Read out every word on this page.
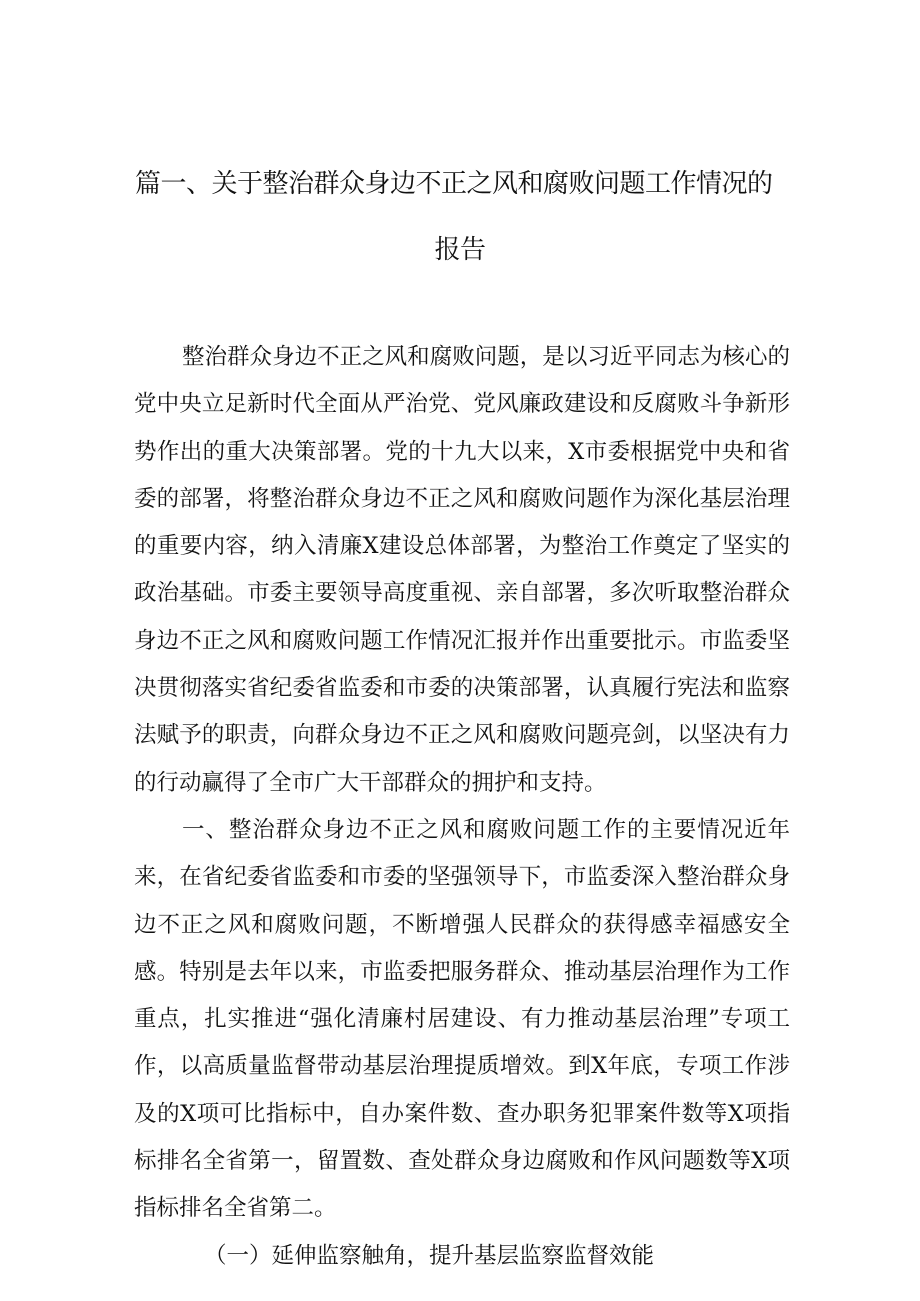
篇一、关于整治群众身边不正之风和腐败问题工作情况的
报告

整治群众身边不正之风和腐败问题，是以习近平同志为核心的党中央立足新时代全面从严治党、党风廉政建设和反腐败斗争新形势作出的重大决策部署。党的十九大以来，X市委根据党中央和省委的部署，将整治群众身边不正之风和腐败问题作为深化基层治理的重要内容，纳入清廉X建设总体部署，为整治工作奠定了坚实的政治基础。市委主要领导高度重视、亲自部署，多次听取整治群众身边不正之风和腐败问题工作情况汇报并作出重要批示。市监委坚决贯彻落实省纪委省监委和市委的决策部署，认真履行宪法和监察法赋予的职责，向群众身边不正之风和腐败问题亮剑，以坚决有力的行动赢得了全市广大干部群众的拥护和支持。

一、整治群众身边不正之风和腐败问题工作的主要情况近年来，在省纪委省监委和市委的坚强领导下，市监委深入整治群众身边不正之风和腐败问题，不断增强人民群众的获得感幸福感安全感。特别是去年以来，市监委把服务群众、推动基层治理作为工作重点，扎实推进“强化清廉村居建设、有力推动基层治理”专项工作，以高质量监督带动基层治理提质增效。到X年底，专项工作涉及的X项可比指标中，自办案件数、查办职务犯罪案件数等X项指标排名全省第一，留置数、查处群众身边腐败和作风问题数等X项指标排名全省第二。

（一）延伸监察触角，提升基层监察监督效能
